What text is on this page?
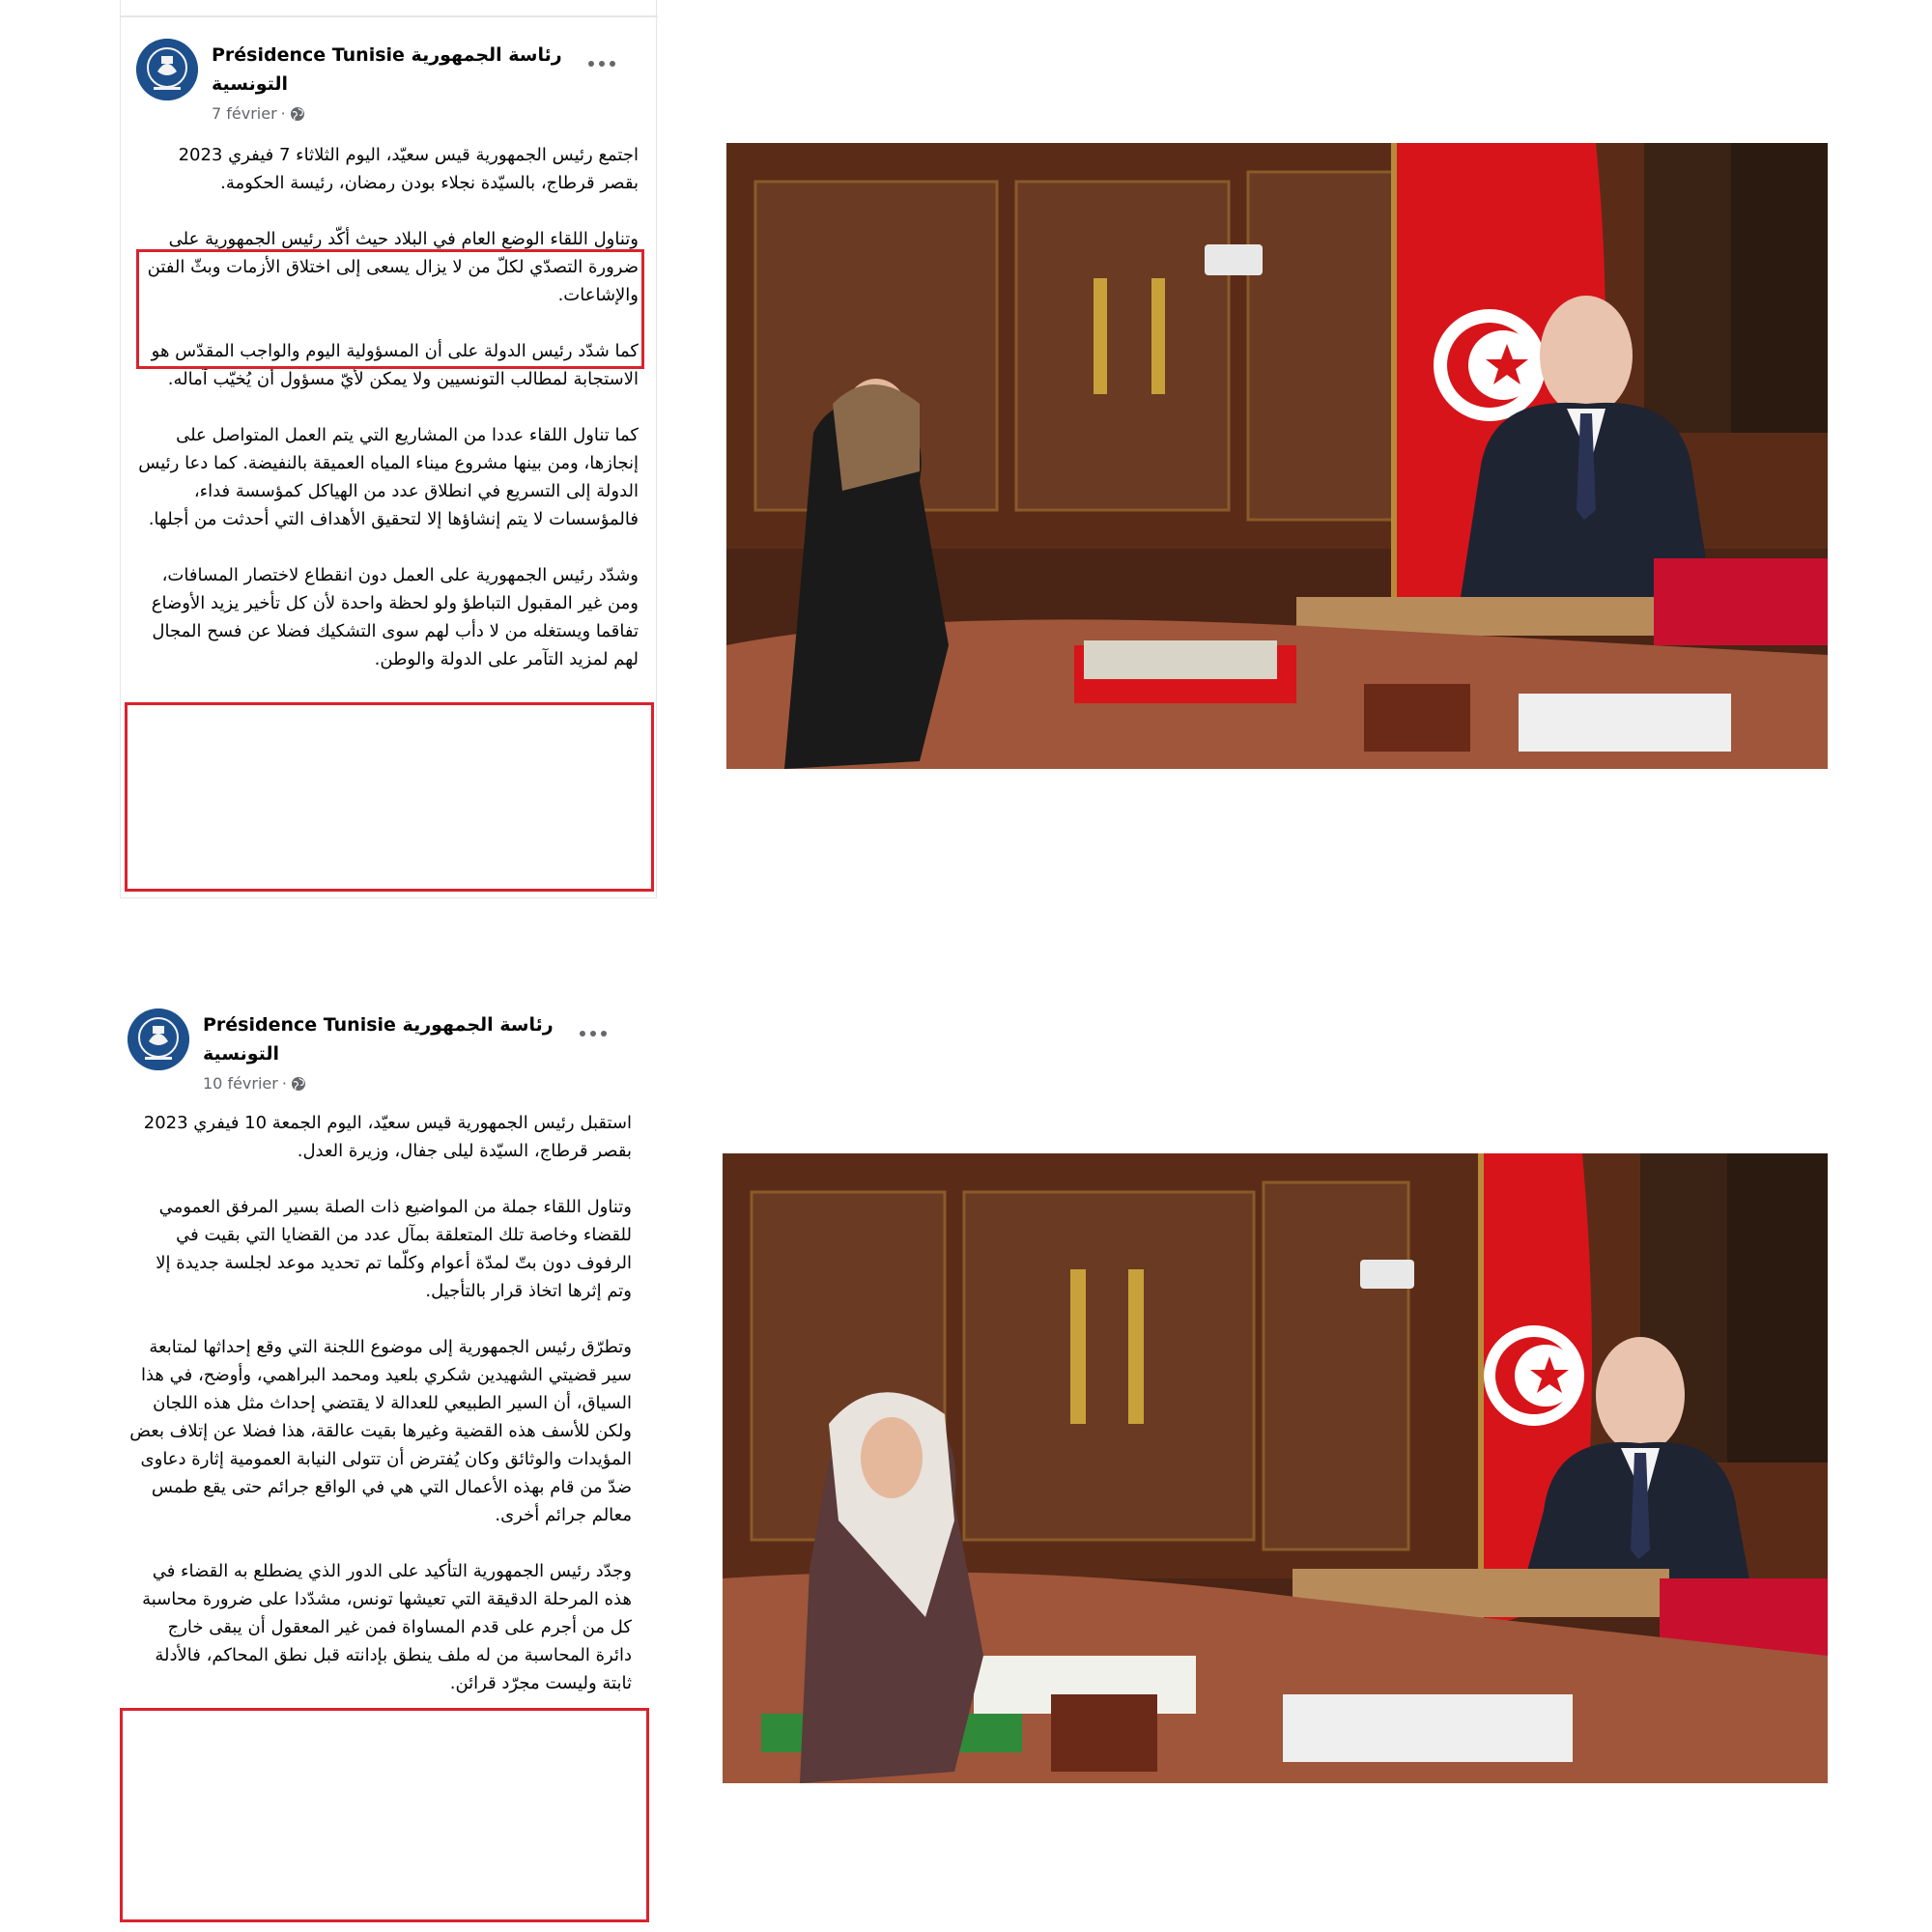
Présidence Tunisie رئاسة الجمهورية التونسية
7 février ·

اجتمع رئيس الجمهورية قيس سعيّد، اليوم الثلاثاء 7 فيفري 2023 بقصر قرطاج، بالسيّدة نجلاء بودن رمضان، رئيسة الحكومة.

وتناول اللقاء الوضع العام في البلاد حيث أكّد رئيس الجمهورية على ضرورة التصدّي لكلّ من لا يزال يسعى إلى اختلاق الأزمات وبثّ الفتن والإشاعات.

كما شدّد رئيس الدولة على أن المسؤولية اليوم والواجب المقدّس هو الاستجابة لمطالب التونسيين ولا يمكن لأيّ مسؤول أن يُخيّب آماله.

كما تناول اللقاء عددا من المشاريع التي يتم العمل المتواصل على إنجازها، ومن بينها مشروع ميناء المياه العميقة بالنفيضة. كما دعا رئيس الدولة إلى التسريع في انطلاق عدد من الهياكل كمؤسسة فداء، فالمؤسسات لا يتم إنشاؤها إلا لتحقيق الأهداف التي أحدثت من أجلها.

وشدّد رئيس الجمهورية على العمل دون انقطاع لاختصار المسافات، ومن غير المقبول التباطؤ ولو لحظة واحدة لأن كل تأخير يزيد الأوضاع تفاقما ويستغله من لا دأب لهم سوى التشكيك فضلا عن فسح المجال لهم لمزيد التآمر على الدولة والوطن.

Présidence Tunisie رئاسة الجمهورية التونسية
10 février ·

استقبل رئيس الجمهورية قيس سعيّد، اليوم الجمعة 10 فيفري 2023 بقصر قرطاج، السيّدة ليلى جفال، وزيرة العدل.

وتناول اللقاء جملة من المواضيع ذات الصلة بسير المرفق العمومي للقضاء وخاصة تلك المتعلقة بمآل عدد من القضايا التي بقيت في الرفوف دون بتّ لمدّة أعوام وكلّما تم تحديد موعد لجلسة جديدة إلا وتم إثرها اتخاذ قرار بالتأجيل.

وتطرّق رئيس الجمهورية إلى موضوع اللجنة التي وقع إحداثها لمتابعة سير قضيتي الشهيدين شكري بلعيد ومحمد البراهمي، وأوضح، في هذا السياق، أن السير الطبيعي للعدالة لا يقتضي إحداث مثل هذه اللجان ولكن للأسف هذه القضية وغيرها بقيت عالقة، هذا فضلا عن إتلاف بعض المؤيدات والوثائق وكان يُفترض أن تتولى النيابة العمومية إثارة دعاوى ضدّ من قام بهذه الأعمال التي هي في الواقع جرائم حتى يقع طمس معالم جرائم أخرى.

وجدّد رئيس الجمهورية التأكيد على الدور الذي يضطلع به القضاء في هذه المرحلة الدقيقة التي تعيشها تونس، مشدّدا على ضرورة محاسبة كل من أجرم على قدم المساواة فمن غير المعقول أن يبقى خارج دائرة المحاسبة من له ملف ينطق بإدانته قبل نطق المحاكم، فالأدلة ثابتة وليست مجرّد قرائن.
